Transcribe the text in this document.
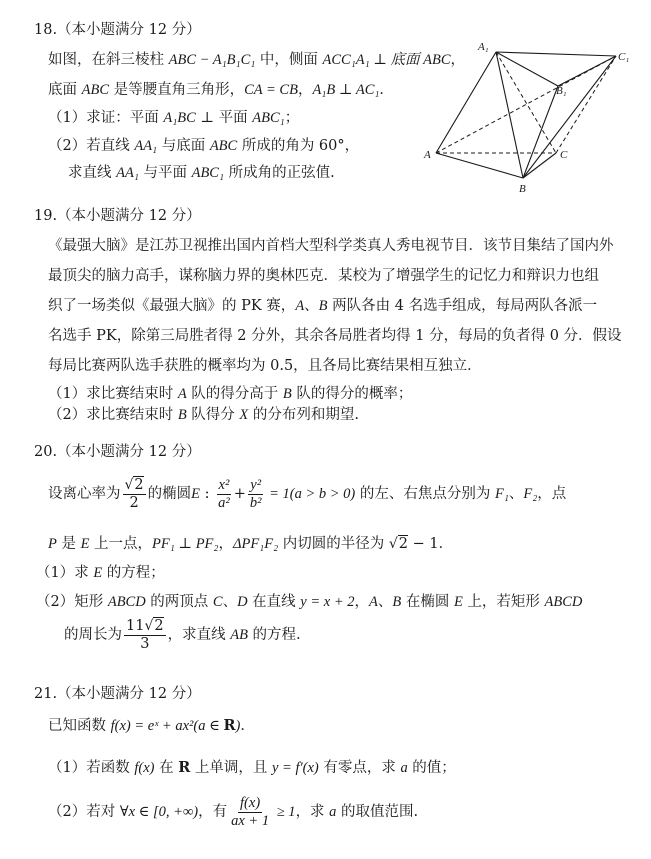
18.（本小题满分 12 分）
如图，在斜三棱柱 ABC − A₁B₁C₁ 中，侧面 ACC₁A₁ ⊥ 底面 ABC，
底面 ABC 是等腰直角三角形，CA = CB，A₁B ⊥ AC₁．
（1）求证：平面 A₁BC ⊥ 平面 ABC₁；
（2）若直线 AA₁ 与底面 ABC 所成的角为 60°，
求直线 AA₁ 与平面 ABC₁ 所成角的正弦值.
A₁
C₁
B₁
A	C
B
19.（本小题满分 12 分）
《最强大脑》是江苏卫视推出国内首档大型科学类真人秀电视节目．该节目集结了国内外
最顶尖的脑力高手，谋称脑力界的奥林匹克．某校为了增强学生的记忆力和辩识力也组
织了一场类似《最强大脑》的 PK 赛，A、B 两队各由 4 名选手组成，每局两队各派一
名选手 PK，除第三局胜者得 2 分外，其余各局胜者均得 1 分，每局的负者得 0 分．假设
每局比赛两队选手获胜的概率均为 0.5，且各局比赛结果相互独立．
（1）求比赛结束时 A 队的得分高于 B 队的得分的概率；
（2）求比赛结束时 B 队得分 X 的分布列和期望.
20.（本小题满分 12 分）
设离心率为 $\frac{√2}{2}$ 的椭圆E : $\frac{\text{x²}}{\text{a²}} + \frac{\text{y²}}{\text{b²}} = 1(a > b > 0)$ 的左、右焦点分别为 F₁、F₂，点
P 是 E 上一点，PF₁ ⊥ PF₂，ΔPF₁F₂ 内切圆的半径为 √2 − 1．
（1）求 E 的方程；
（2）矩形 ABCD 的两顶点 C、D 在直线 y = x + 2，A、B 在椭圆 E 上，若矩形 ABCD
的周长为 $\frac{11√2}{3}$ ，求直线 AB 的方程.
21.（本小题满分 12 分）
已知函数 f(x) = eˣ + ax²(a ∈ R)．
（1）若函数 f(x) 在 R 上单调，且 y = f′(x) 有零点，求 a 的值；
（2）若对 ∀x ∈ [0, +∞)，有 $\frac{f(x)}{ax + 1} \ge 1$，求 a 的取值范围.
